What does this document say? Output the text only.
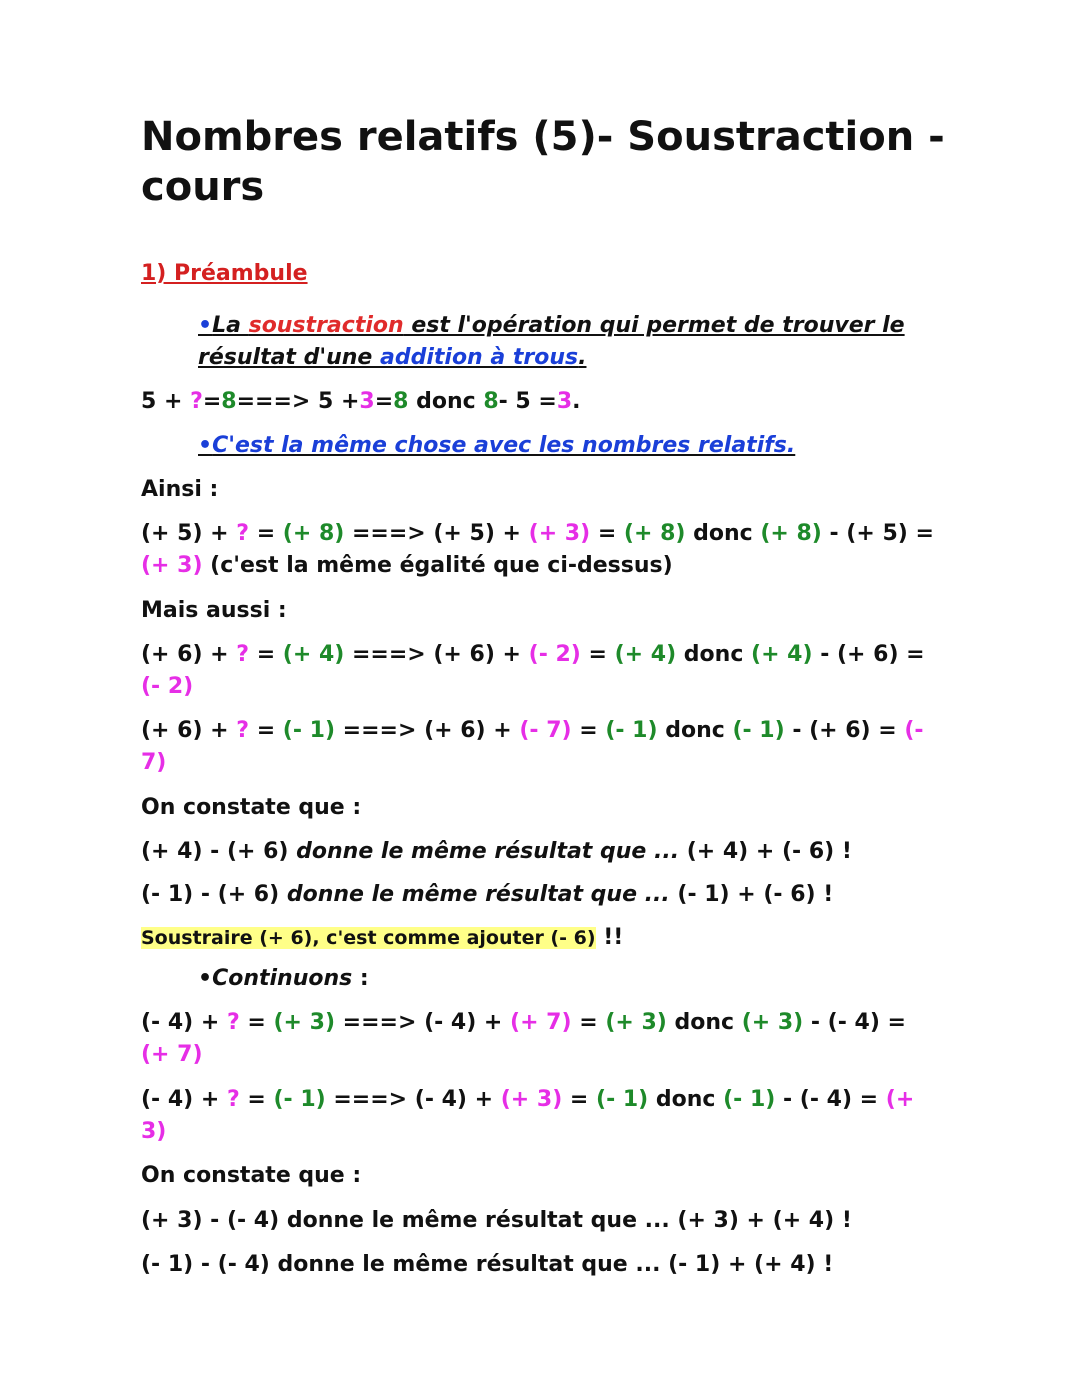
Nombres relatifs (5)- Soustraction - cours
1) Préambule
•La soustraction est l'opération qui permet de trouver le résultat d'une addition à trous.
5 + ?=8===> 5 +3=8 donc 8- 5 =3.
•C'est la même chose avec les nombres relatifs.
Ainsi :
(+ 5) + ? = (+ 8) ===> (+ 5) + (+ 3) = (+ 8) donc (+ 8) - (+ 5) = (+ 3) (c'est la même égalité que ci-dessus)
Mais aussi :
(+ 6) + ? = (+ 4) ===> (+ 6) + (- 2) = (+ 4) donc (+ 4) - (+ 6) = (- 2)
(+ 6) + ? = (- 1) ===> (+ 6) + (- 7) = (- 1) donc (- 1) - (+ 6) = (- 7)
On constate que :
(+ 4) - (+ 6) donne le même résultat que ... (+ 4) + (- 6) !
(- 1) - (+ 6) donne le même résultat que ... (- 1) + (- 6) !
Soustraire (+ 6), c'est comme ajouter (- 6) !!
•Continuons :
(- 4) + ? = (+ 3) ===> (- 4) + (+ 7) = (+ 3) donc (+ 3) - (- 4) = (+ 7)
(- 4) + ? = (- 1) ===> (- 4) + (+ 3) = (- 1) donc (- 1) - (- 4) = (+ 3)
On constate que :
(+ 3) - (- 4) donne le même résultat que ... (+ 3) + (+ 4) !
(- 1) - (- 4) donne le même résultat que ... (- 1) + (+ 4) !
